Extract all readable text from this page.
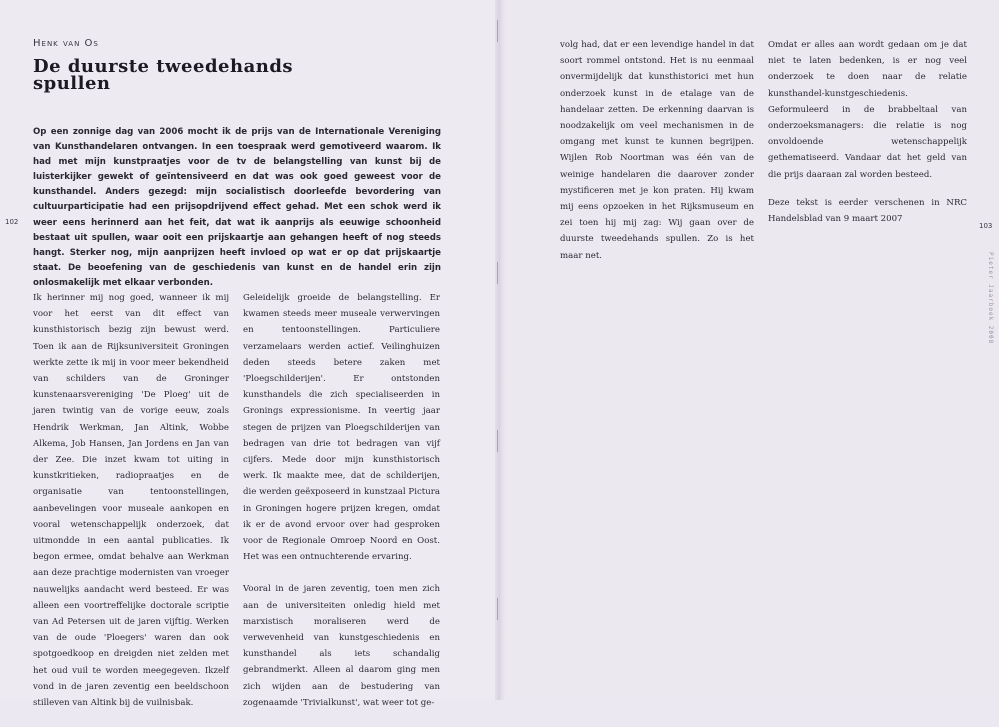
Henk van Os
De duurste tweedehands
spullen
Op een zonnige dag van 2006 mocht ik de prijs van de Internationale Vereniging van Kunsthandelaren ontvangen. In een toespraak werd gemotiveerd waarom. Ik had met mijn kunstpraatjes voor de tv de belangstelling van kunst bij de luisterkijker gewekt of geïntensiveerd en dat was ook goed geweest voor de kunsthandel. Anders gezegd: mijn socialistisch doorleefde bevordering van cultuurparticipatie had een prijsopdrijvend effect gehad. Met een schok werd ik weer eens herinnerd aan het feit, dat wat ik aanprijs als eeuwige schoonheid bestaat uit spullen, waar ooit een prijskaartje aan gehangen heeft of nog steeds hangt. Sterker nog, mijn aanprijzen heeft invloed op wat er op dat prijskaartje staat. De beoefening van de geschiedenis van kunst en de handel erin zijn onlosmakelijk met elkaar verbonden.

Ik herinner mij nog goed, wanneer ik mij voor het eerst van dit effect van kunsthistorisch bezig zijn bewust werd. Toen ik aan de Rijksuniversiteit Groningen werkte zette ik mij in voor meer bekendheid van schilders van de Groninger kunstenaarsvereniging 'De Ploeg' uit de jaren twintig van de vorige eeuw, zoals Hendrik Werkman, Jan Altink, Wobbe Alkema, Job Hansen, Jan Jordens en Jan van der Zee. Die inzet kwam tot uiting in kunstkritieken, radiopraatjes en de organisatie van tentoonstellingen, aanbevelingen voor museale aankopen en vooral wetenschappelijk onderzoek, dat uitmondde in een aantal publicaties. Ik begon ermee, omdat behalve aan Werkman aan deze prachtige modernisten van vroeger nauwelijks aandacht werd besteed. Er was alleen een voortreffelijke doctorale scriptie van Ad Petersen uit de jaren vijftig. Werken van de oude 'Ploegers' waren dan ook spotgoedkoop en dreigden niet zelden met het oud vuil te worden meegegeven. Ikzelf vond in de jaren zeventig een beeldschoon stilleven van Altink bij de vuilnisbak.

Geleidelijk groeide de belangstelling. Er kwamen steeds meer museale verwervingen en tentoonstellingen. Particuliere verzamelaars werden actief. Veilinghuizen deden steeds betere zaken met 'Ploegschilderijen'. Er ontstonden kunsthandels die zich specialiseerden in Gronings expressionisme. In veertig jaar stegen de prijzen van Ploegschilderijen van bedragen van drie tot bedragen van vijf cijfers. Mede door mijn kunsthistorisch werk. Ik maakte mee, dat de schilderijen, die werden geëxposeerd in kunstzaal Pictura in Groningen hogere prijzen kregen, omdat ik er de avond ervoor over had gesproken voor de Regionale Omroep Noord en Oost. Het was een ontnuchterende ervaring.

Vooral in de jaren zeventig, toen men zich aan de universiteiten onledig hield met marxistisch moraliseren werd de verwevenheid van kunstgeschiedenis en kunsthandel als iets schandalig gebrandmerkt. Alleen al daarom ging men zich wijden aan de bestudering van zogenaamde 'Trivialkunst', wat weer tot ge-

volg had, dat er een levendige handel in dat soort rommel ontstond. Het is nu eenmaal onvermijdelijk dat kunsthistorici met hun onderzoek kunst in de etalage van de handelaar zetten. De erkenning daarvan is noodzakelijk om veel mechanismen in de omgang met kunst te kunnen begrijpen. Wijlen Rob Noortman was één van de weinige handelaren die daarover zonder mystificeren met je kon praten. Hij kwam mij eens opzoeken in het Rijksmuseum en zei toen hij mij zag: Wij gaan over de duurste tweedehands spullen. Zo is het maar net.

Omdat er alles aan wordt gedaan om je dat niet te laten bedenken, is er nog veel onderzoek te doen naar de relatie kunsthandel-kunstgeschiedenis. Geformuleerd in de brabbeltaal van onderzoeksmanagers: die relatie is nog onvoldoende wetenschappelijk gethematiseerd. Vandaar dat het geld van die prijs daaraan zal worden besteed.

Deze tekst is eerder verschenen in NRC Handelsblad van 9 maart 2007

102	103
Pieter Jaarboek 2008
